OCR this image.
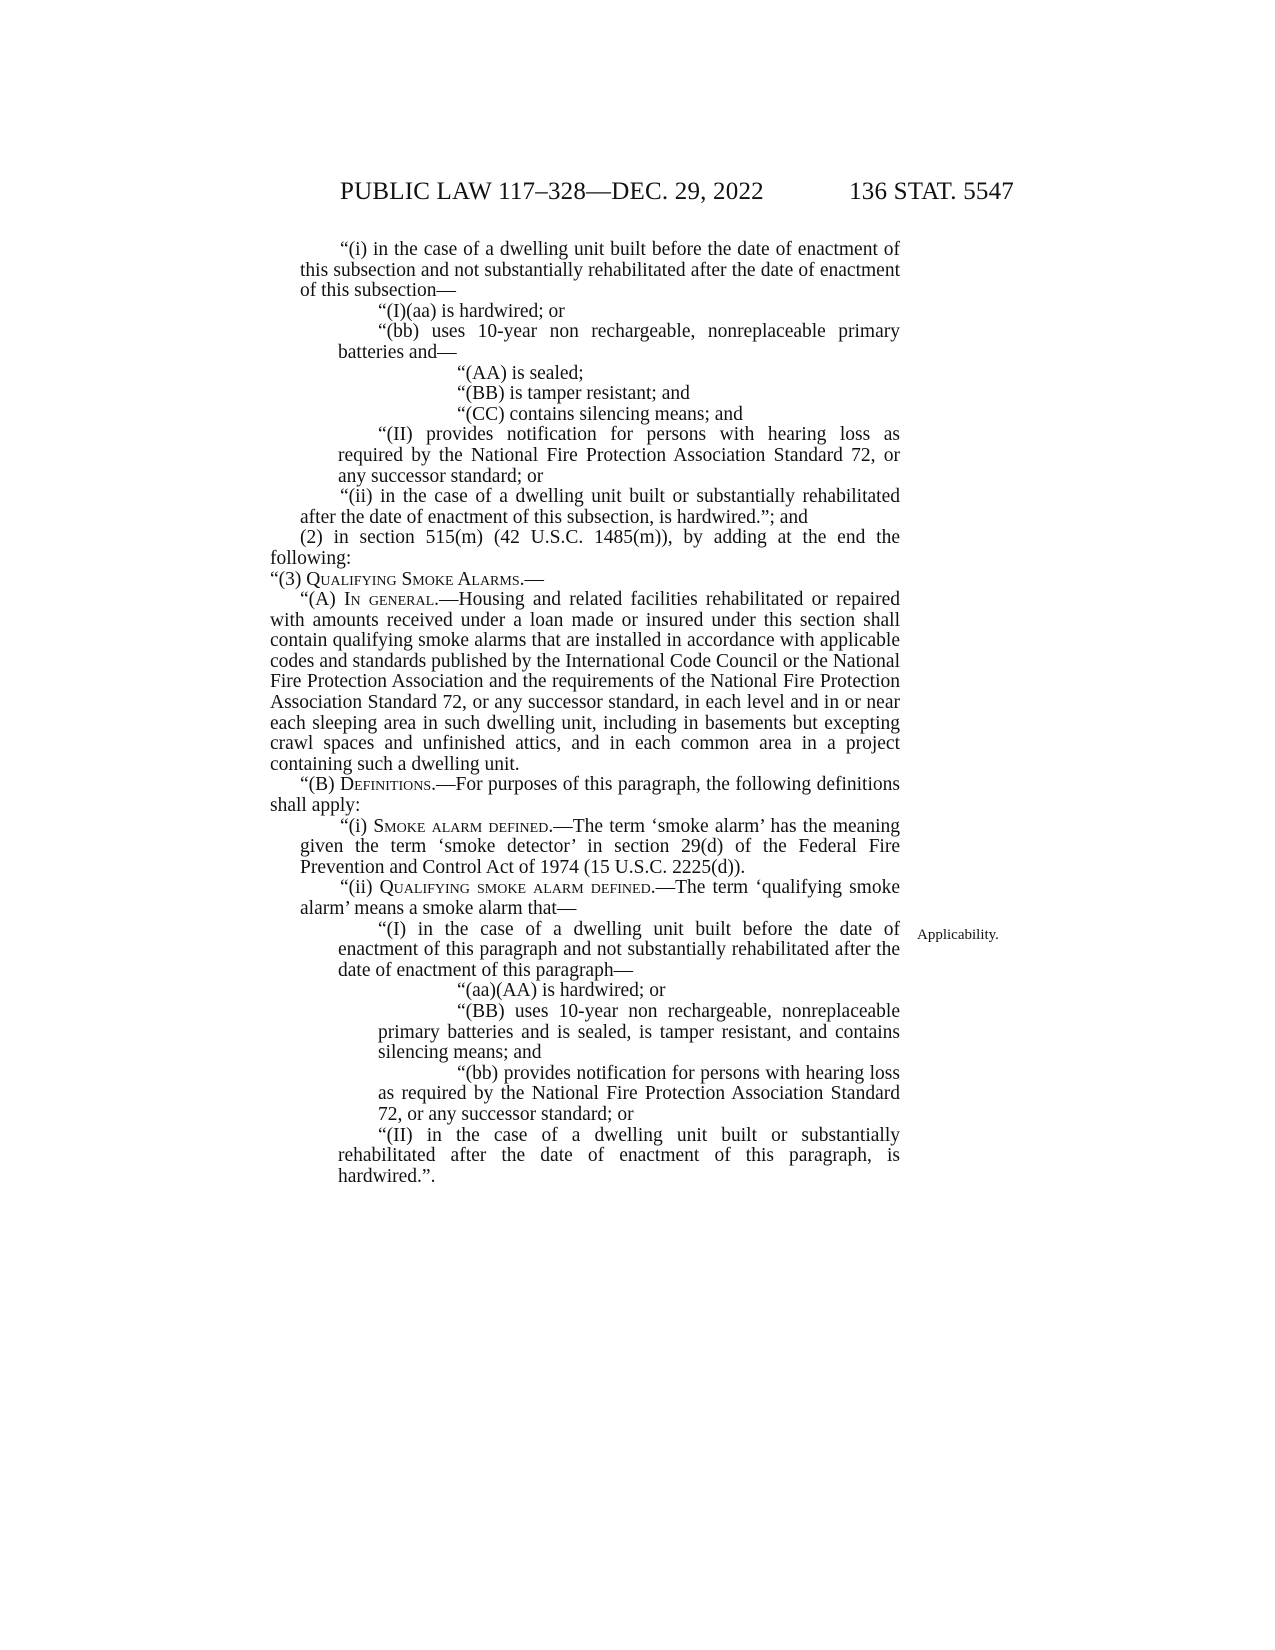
PUBLIC LAW 117–328—DEC. 29, 2022	136 STAT. 5547

“(i) in the case of a dwelling unit built before the date of enactment of this subsection and not substantially rehabilitated after the date of enactment of this subsection—

“(I)(aa) is hardwired; or

“(bb) uses 10-year non rechargeable, nonreplaceable primary batteries and—

“(AA) is sealed;

“(BB) is tamper resistant; and

“(CC) contains silencing means; and

“(II) provides notification for persons with hearing loss as required by the National Fire Protection Association Standard 72, or any successor standard; or

“(ii) in the case of a dwelling unit built or substantially rehabilitated after the date of enactment of this subsection, is hardwired.”; and

(2) in section 515(m) (42 U.S.C. 1485(m)), by adding at the end the following:

“(3) Qualifying Smoke Alarms.—

“(A) In general.—Housing and related facilities rehabilitated or repaired with amounts received under a loan made or insured under this section shall contain qualifying smoke alarms that are installed in accordance with applicable codes and standards published by the International Code Council or the National Fire Protection Association and the requirements of the National Fire Protection Association Standard 72, or any successor standard, in each level and in or near each sleeping area in such dwelling unit, including in basements but excepting crawl spaces and unfinished attics, and in each common area in a project containing such a dwelling unit.

“(B) Definitions.—For purposes of this paragraph, the following definitions shall apply:

“(i) Smoke alarm defined.—The term ‘smoke alarm’ has the meaning given the term ‘smoke detector’ in section 29(d) of the Federal Fire Prevention and Control Act of 1974 (15 U.S.C. 2225(d)).

“(ii) Qualifying smoke alarm defined.—The term ‘qualifying smoke alarm’ means a smoke alarm that—

“(I) in the case of a dwelling unit built before the date of enactment of this paragraph and not substantially rehabilitated after the date of enactment of this paragraph—

“(aa)(AA) is hardwired; or

“(BB) uses 10-year non rechargeable, nonreplaceable primary batteries and is sealed, is tamper resistant, and contains silencing means; and

“(bb) provides notification for persons with hearing loss as required by the National Fire Protection Association Standard 72, or any successor standard; or

“(II) in the case of a dwelling unit built or substantially rehabilitated after the date of enactment of this paragraph, is hardwired.”.

Applicability.
